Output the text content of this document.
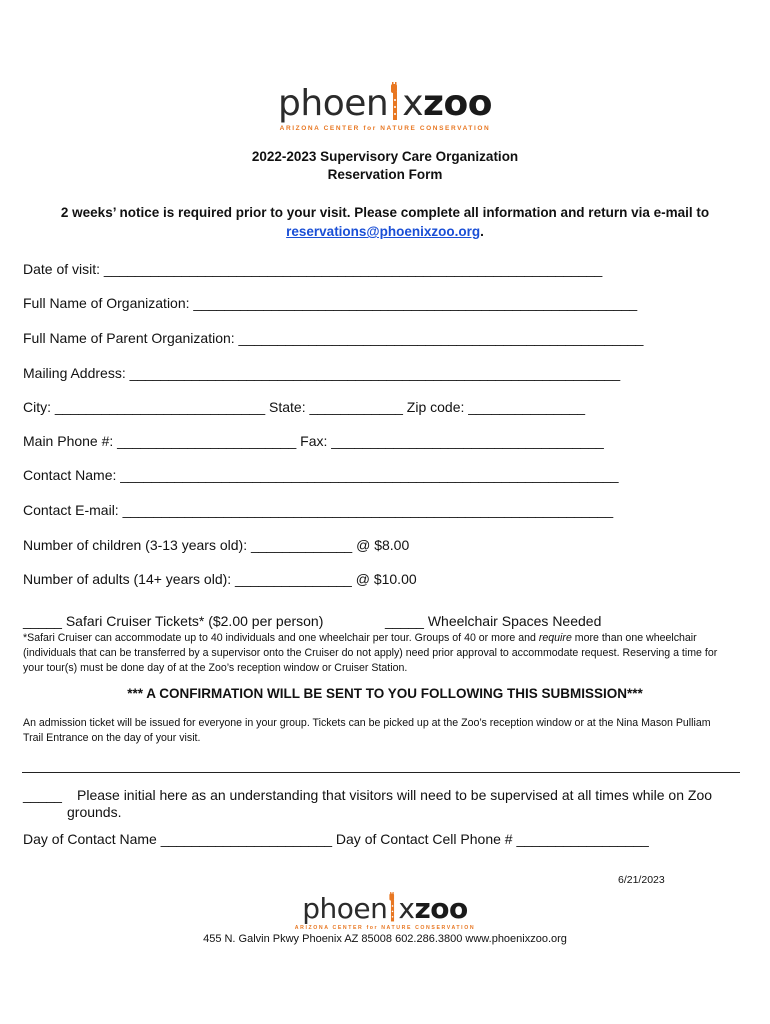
phoen x zoo
ARIZONA CENTER for NATURE CONSERVATION
2022-2023 Supervisory Care Organization
Reservation Form
2 weeks’ notice is required prior to your visit. Please complete all information and return via e-mail to
reservations@phoenixzoo.org.
Date of visit: ________________________________________________________________
Full Name of Organization: _________________________________________________________
Full Name of Parent Organization: ____________________________________________________
Mailing Address: _______________________________________________________________
City: ___________________________ State: ____________ Zip code: _______________
Main Phone #: _______________________ Fax: ___________________________________
Contact Name: ________________________________________________________________
Contact E-mail: _______________________________________________________________
Number of children (3-13 years old): _____________ @ $8.00
Number of adults (14+ years old): _______________ @ $10.00
_____ Safari Cruiser Tickets* ($2.00 per person)	_____ Wheelchair Spaces Needed
*Safari Cruiser can accommodate up to 40 individuals and one wheelchair per tour. Groups of 40 or more and require more than one wheelchair (individuals that can be transferred by a supervisor onto the Cruiser do not apply) need prior approval to accommodate request. Reserving a time for your tour(s) must be done day of at the Zoo’s reception window or Cruiser Station.
*** A CONFIRMATION WILL BE SENT TO YOU FOLLOWING THIS SUBMISSION***
An admission ticket will be issued for everyone in your group. Tickets can be picked up at the Zoo’s reception window or at the Nina Mason Pulliam Trail Entrance on the day of your visit.
_____ Please initial here as an understanding that visitors will need to be supervised at all times while on Zoo
grounds.
Day of Contact Name ______________________ Day of Contact Cell Phone # _________________
6/21/2023
phoen x zoo
ARIZONA CENTER for NATURE CONSERVATION
455 N. Galvin Pkwy Phoenix AZ 85008 602.286.3800 www.phoenixzoo.org
